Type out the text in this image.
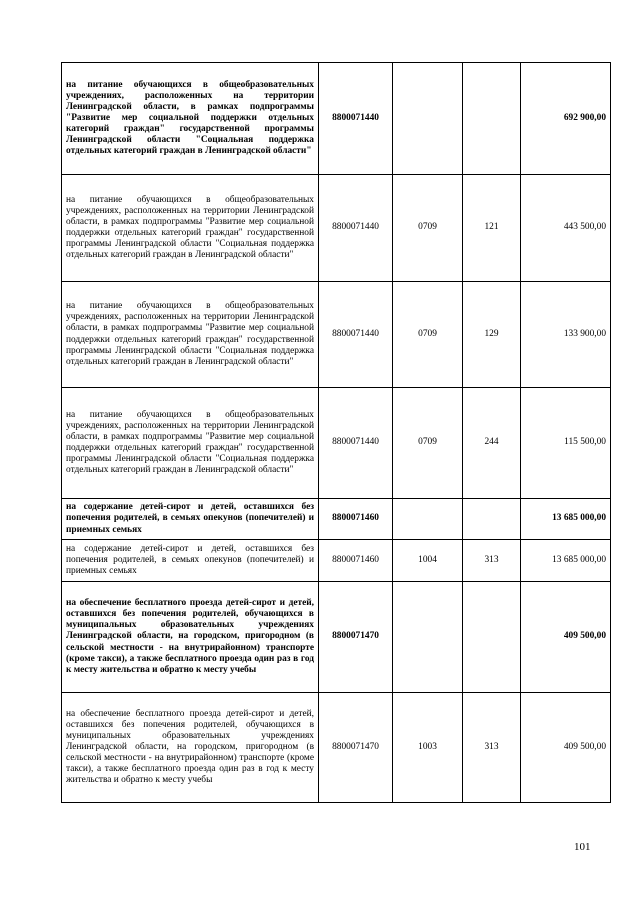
на питание обучающихся в общеобразовательных учреждениях, расположенных на территории Ленинградской области, в рамках подпрограммы "Развитие мер социальной поддержки отдельных категорий граждан" государственной программы Ленинградской области "Социальная поддержка отдельных категорий граждан в Ленинградской области"	8800071440			692 900,00
на питание обучающихся в общеобразовательных учреждениях, расположенных на территории Ленинградской области, в рамках подпрограммы "Развитие мер социальной поддержки отдельных категорий граждан" государственной программы Ленинградской области "Социальная поддержка отдельных категорий граждан в Ленинградской области"	8800071440	0709	121	443 500,00
на питание обучающихся в общеобразовательных учреждениях, расположенных на территории Ленинградской области, в рамках подпрограммы "Развитие мер социальной поддержки отдельных категорий граждан" государственной программы Ленинградской области "Социальная поддержка отдельных категорий граждан в Ленинградской области"	8800071440	0709	129	133 900,00
на питание обучающихся в общеобразовательных учреждениях, расположенных на территории Ленинградской области, в рамках подпрограммы "Развитие мер социальной поддержки отдельных категорий граждан" государственной программы Ленинградской области "Социальная поддержка отдельных категорий граждан в Ленинградской области"	8800071440	0709	244	115 500,00
на содержание детей-сирот и детей, оставшихся без попечения родителей, в семьях опекунов (попечителей) и приемных семьях	8800071460			13 685 000,00
на содержание детей-сирот и детей, оставшихся без попечения родителей, в семьях опекунов (попечителей) и приемных семьях	8800071460	1004	313	13 685 000,00
на обеспечение бесплатного проезда детей-сирот и детей, оставшихся без попечения родителей, обучающихся в муниципальных образовательных учреждениях Ленинградской области, на городском, пригородном (в сельской местности - на внутрирайонном) транспорте (кроме такси), а также бесплатного проезда один раз в год к месту жительства и обратно к месту учебы	8800071470			409 500,00
на обеспечение бесплатного проезда детей-сирот и детей, оставшихся без попечения родителей, обучающихся в муниципальных образовательных учреждениях Ленинградской области, на городском, пригородном (в сельской местности - на внутрирайонном) транспорте (кроме такси), а также бесплатного проезда один раз в год к месту жительства и обратно к месту учебы	8800071470	1003	313	409 500,00
101
